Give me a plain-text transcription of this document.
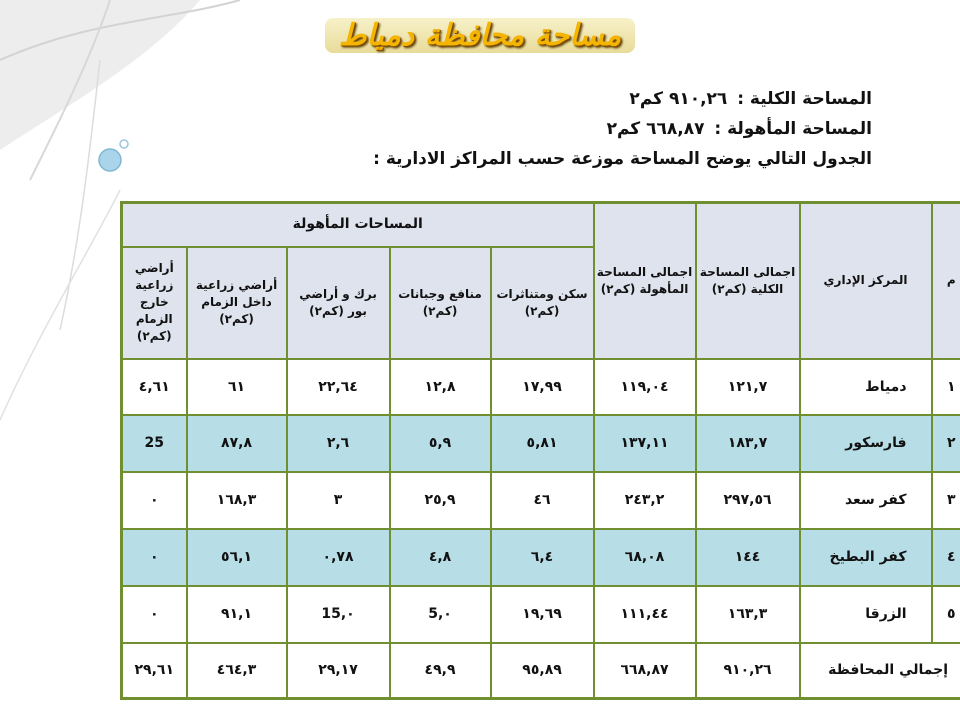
مساحة محافظة دمياط
المساحة الكلية : ٩١٠,٢٦ كم٢
المساحة المأهولة : ٦٦٨,٨٧ كم٢
الجدول التالي يوضح المساحة موزعة حسب المراكز الادارية :
م	المركز الإداري	اجمالى المساحة الكلية (كم٢)	اجمالى المساحة المأهولة (كم٢)	المساحات المأهولة				
				سكن ومتناثرات (كم٢)	منافع وجبانات (كم٢)	برك و أراضي بور (كم٢)	أراضي زراعية داخل الزمام (كم٢)	أراضي زراعية خارج الزمام (كم٢)
١	دمياط	١٢١,٧	١١٩,٠٤	١٧,٩٩	١٢,٨	٢٢,٦٤	٦١	٤,٦١
٢	فارسكور	١٨٣,٧	١٣٧,١١	٥,٨١	٥,٩	٢,٦	٨٧,٨	25
٣	كفر سعد	٢٩٧,٥٦	٢٤٣,٢	٤٦	٢٥,٩	٣	١٦٨,٣	٠
٤	كفر البطيخ	١٤٤	٦٨,٠٨	٦,٤	٤,٨	٠,٧٨	٥٦,١	٠
٥	الزرقا	١٦٣,٣	١١١,٤٤	١٩,٦٩	٠,5	٠,15	٩١,١	٠
إجمالي المحافظة		٩١٠,٢٦	٦٦٨,٨٧	٩٥,٨٩	٤٩,٩	٢٩,١٧	٤٦٤,٣	٢٩,٦١
